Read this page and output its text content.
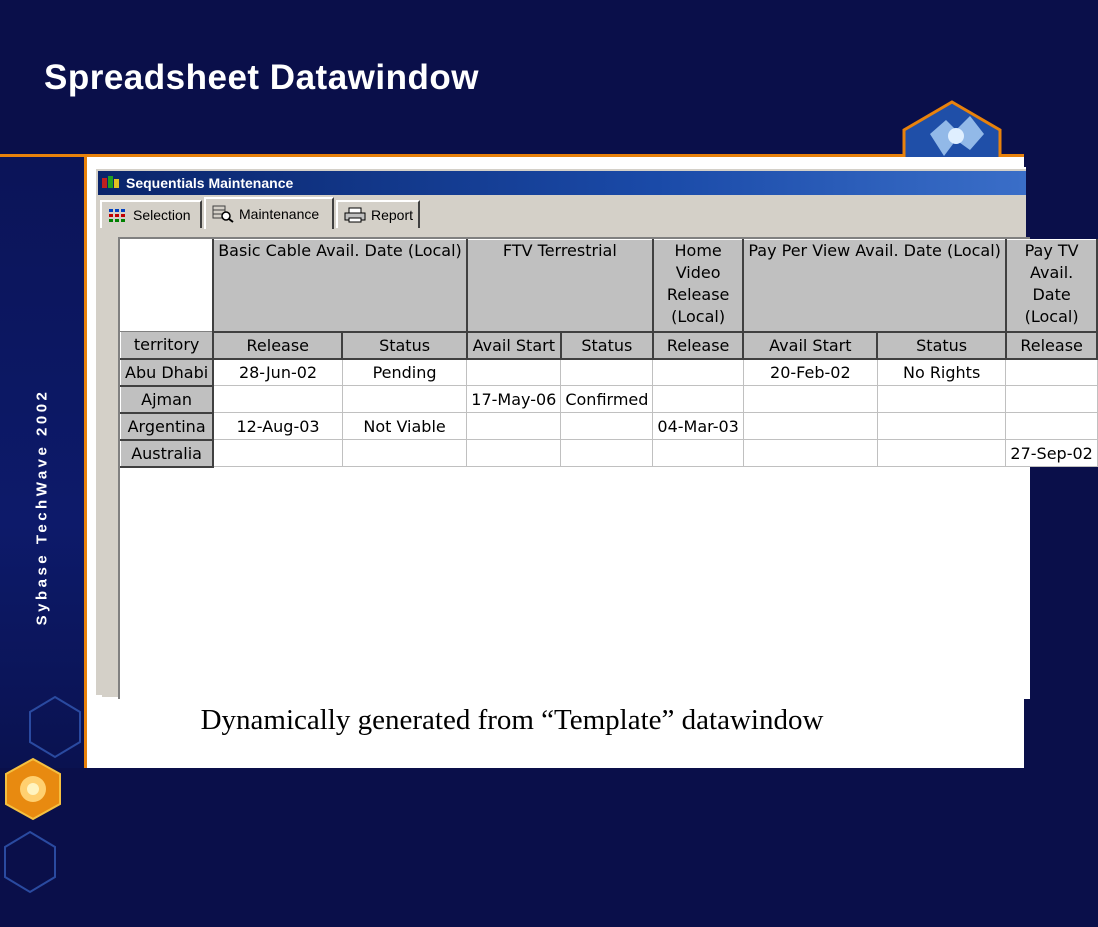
Spreadsheet Datawindow
Sybase TechWave 2002
Sequentials Maintenance
Selection	Maintenance	Report
	Basic Cable Avail. Date (Local)		FTV Terrestrial		Home Video Release (Local)	Pay Per View Avail. Date (Local)		Pay TV Avail. Date (Local)
territory	Release	Status	Avail Start	Status	Release	Avail Start	Status	Release
Abu Dhabi	28-Jun-02	Pending				20-Feb-02	No Rights	
Ajman			17-May-06	Confirmed				
Argentina	12-Aug-03	Not Viable			04-Mar-03			
Australia								27-Sep-02
Dynamically generated from “Template” datawindow
